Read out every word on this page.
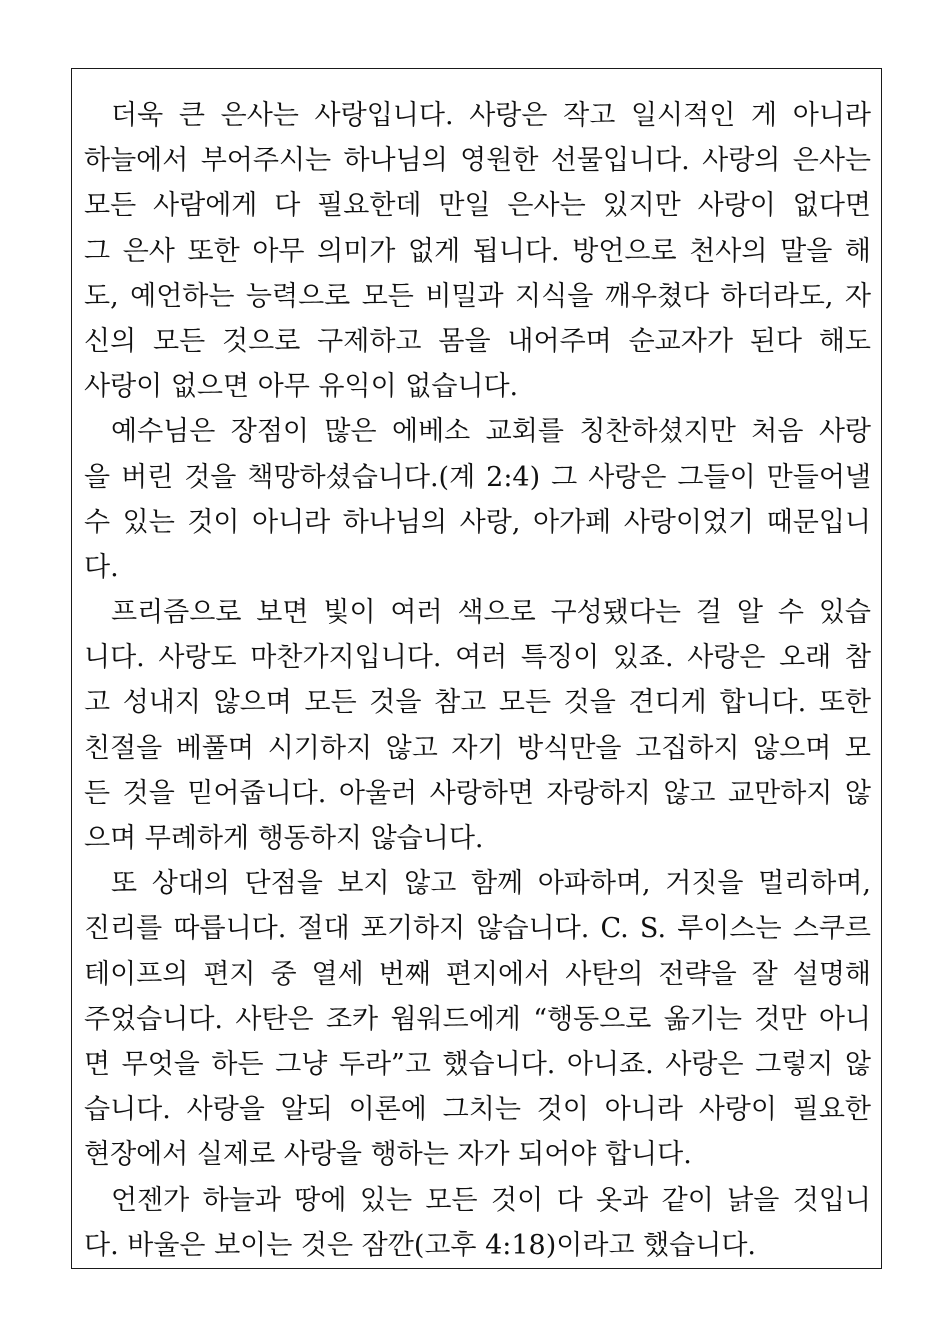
더욱 큰 은사는 사랑입니다. 사랑은 작고 일시적인 게 아니라
하늘에서 부어주시는 하나님의 영원한 선물입니다. 사랑의 은사는
모든 사람에게 다 필요한데 만일 은사는 있지만 사랑이 없다면
그 은사 또한 아무 의미가 없게 됩니다. 방언으로 천사의 말을 해
도, 예언하는 능력으로 모든 비밀과 지식을 깨우쳤다 하더라도, 자
신의 모든 것으로 구제하고 몸을 내어주며 순교자가 된다 해도
사랑이 없으면 아무 유익이 없습니다.
예수님은 장점이 많은 에베소 교회를 칭찬하셨지만 처음 사랑
을 버린 것을 책망하셨습니다.(계 2:4) 그 사랑은 그들이 만들어낼
수 있는 것이 아니라 하나님의 사랑, 아가페 사랑이었기 때문입니
다.
프리즘으로 보면 빛이 여러 색으로 구성됐다는 걸 알 수 있습
니다. 사랑도 마찬가지입니다. 여러 특징이 있죠. 사랑은 오래 참
고 성내지 않으며 모든 것을 참고 모든 것을 견디게 합니다. 또한
친절을 베풀며 시기하지 않고 자기 방식만을 고집하지 않으며 모
든 것을 믿어줍니다. 아울러 사랑하면 자랑하지 않고 교만하지 않
으며 무례하게 행동하지 않습니다.
또 상대의 단점을 보지 않고 함께 아파하며, 거짓을 멀리하며,
진리를 따릅니다. 절대 포기하지 않습니다. C. S. 루이스는 스쿠르
테이프의 편지 중 열세 번째 편지에서 사탄의 전략을 잘 설명해
주었습니다. 사탄은 조카 웜워드에게 “행동으로 옮기는 것만 아니
면 무엇을 하든 그냥 두라”고 했습니다. 아니죠. 사랑은 그렇지 않
습니다. 사랑을 알되 이론에 그치는 것이 아니라 사랑이 필요한
현장에서 실제로 사랑을 행하는 자가 되어야 합니다.
언젠가 하늘과 땅에 있는 모든 것이 다 옷과 같이 낡을 것입니
다. 바울은 보이는 것은 잠깐(고후 4:18)이라고 했습니다.
